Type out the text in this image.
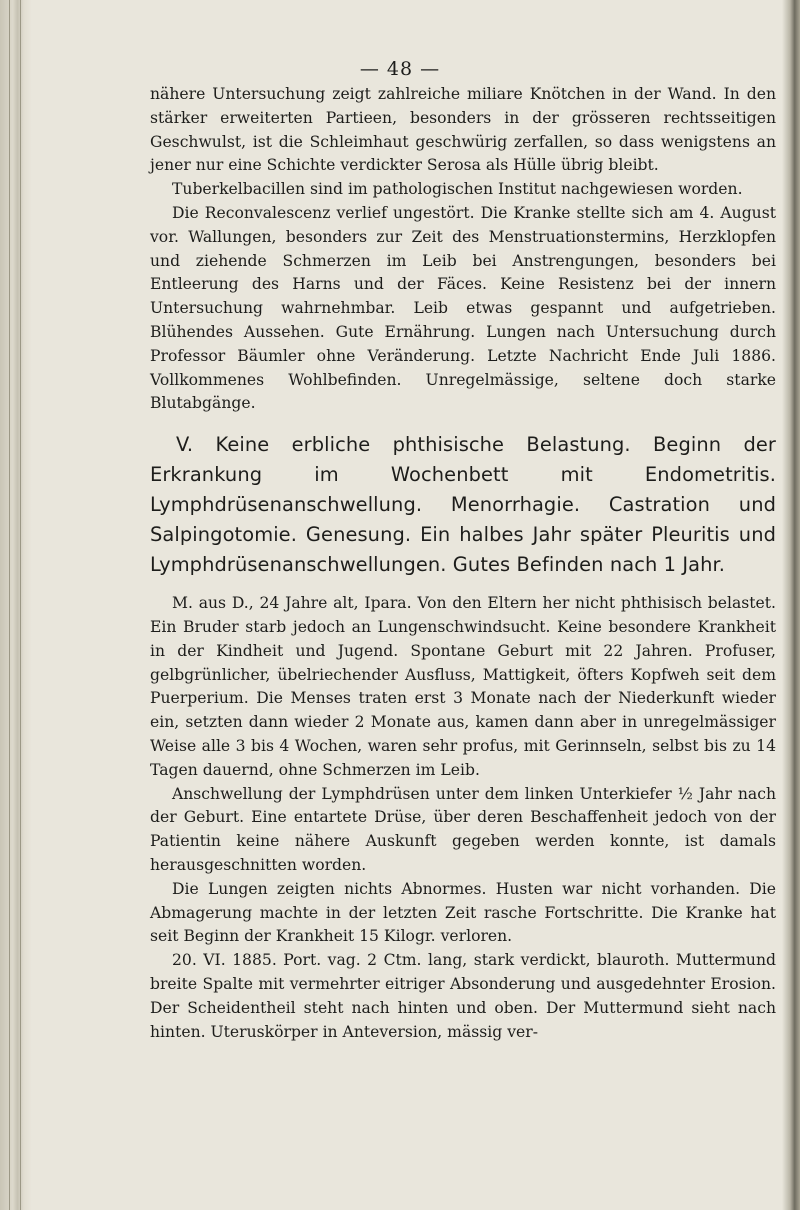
— 48 —

nähere Untersuchung zeigt zahlreiche miliare Knötchen in der Wand. In den stärker erweiterten Partieen, besonders in der grösseren rechtsseitigen Geschwulst, ist die Schleimhaut geschwürig zerfallen, so dass wenigstens an jener nur eine Schichte verdickter Serosa als Hülle übrig bleibt.

Tuberkelbacillen sind im pathologischen Institut nachgewiesen worden.

Die Reconvalescenz verlief ungestört. Die Kranke stellte sich am 4. August vor. Wallungen, besonders zur Zeit des Menstruationstermins, Herzklopfen und ziehende Schmerzen im Leib bei Anstrengungen, besonders bei Entleerung des Harns und der Fäces. Keine Resistenz bei der innern Untersuchung wahrnehmbar. Leib etwas gespannt und aufgetrieben. Blühendes Aussehen. Gute Ernährung. Lungen nach Untersuchung durch Professor Bäumler ohne Veränderung. Letzte Nachricht Ende Juli 1886. Vollkommenes Wohlbefinden. Unregelmässige, seltene doch starke Blutabgänge.

V. Keine erbliche phthisische Belastung. Beginn der Erkrankung im Wochenbett mit Endometritis. Lymphdrüsenanschwellung. Menorrhagie. Castration und Salpingotomie. Genesung. Ein halbes Jahr später Pleuritis und Lymphdrüsenanschwellungen. Gutes Befinden nach 1 Jahr.

M. aus D., 24 Jahre alt, Ipara. Von den Eltern her nicht phthisisch belastet. Ein Bruder starb jedoch an Lungenschwindsucht. Keine besondere Krankheit in der Kindheit und Jugend. Spontane Geburt mit 22 Jahren. Profuser, gelbgrünlicher, übelriechender Ausfluss, Mattigkeit, öfters Kopfweh seit dem Puerperium. Die Menses traten erst 3 Monate nach der Niederkunft wieder ein, setzten dann wieder 2 Monate aus, kamen dann aber in unregelmässiger Weise alle 3 bis 4 Wochen, waren sehr profus, mit Gerinnseln, selbst bis zu 14 Tagen dauernd, ohne Schmerzen im Leib.

Anschwellung der Lymphdrüsen unter dem linken Unterkiefer ½ Jahr nach der Geburt. Eine entartete Drüse, über deren Beschaffenheit jedoch von der Patientin keine nähere Auskunft gegeben werden konnte, ist damals herausgeschnitten worden.

Die Lungen zeigten nichts Abnormes. Husten war nicht vorhanden. Die Abmagerung machte in der letzten Zeit rasche Fortschritte. Die Kranke hat seit Beginn der Krankheit 15 Kilogr. verloren.

20. VI. 1885. Port. vag. 2 Ctm. lang, stark verdickt, blauroth. Muttermund breite Spalte mit vermehrter eitriger Absonderung und ausgedehnter Erosion. Der Scheidentheil steht nach hinten und oben. Der Muttermund sieht nach hinten. Uteruskörper in Anteversion, mässig ver-
